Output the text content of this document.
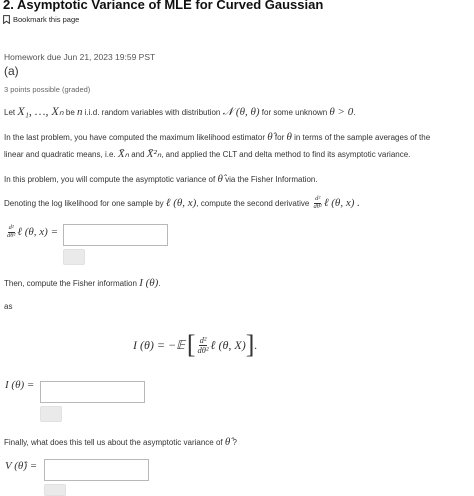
2. Asymptotic Variance of MLE for Curved Gaussian
Bookmark this page
Homework due Jun 21, 2023 19:59 PST
(a)
3 points possible (graded)
Let X₁, …, Xₙ be n i.i.d. random variables with distribution 𝒩 (θ, θ) for some unknown θ > 0.
In the last problem, you have computed the maximum likelihood estimator θ̂ for θ in terms of the sample averages of the
linear and quadratic means, i.e. X̄ₙ and X̄²ₙ, and applied the CLT and delta method to find its asymptotic variance.
In this problem, you will compute the asymptotic variance of θ̂ via the Fisher Information.
Denoting the log likelihood for one sample by
ℓ (θ, x) , compute the second derivative
$\frac{\text{d²}}{\text{dθ²}}$ ℓ (θ, x) .
$\frac{\text{d²}}{\text{dθ²}}$ ℓ (θ, x) =
Then, compute the Fisher information I (θ).
as
I (θ) = −𝔼 [ $\frac{\text{d²}}{\text{dθ²}}$ ℓ (θ, X) ] .
I (θ) =
Finally, what does this tell us about the asymptotic variance of θ̂ ?
V (θ̂) =
